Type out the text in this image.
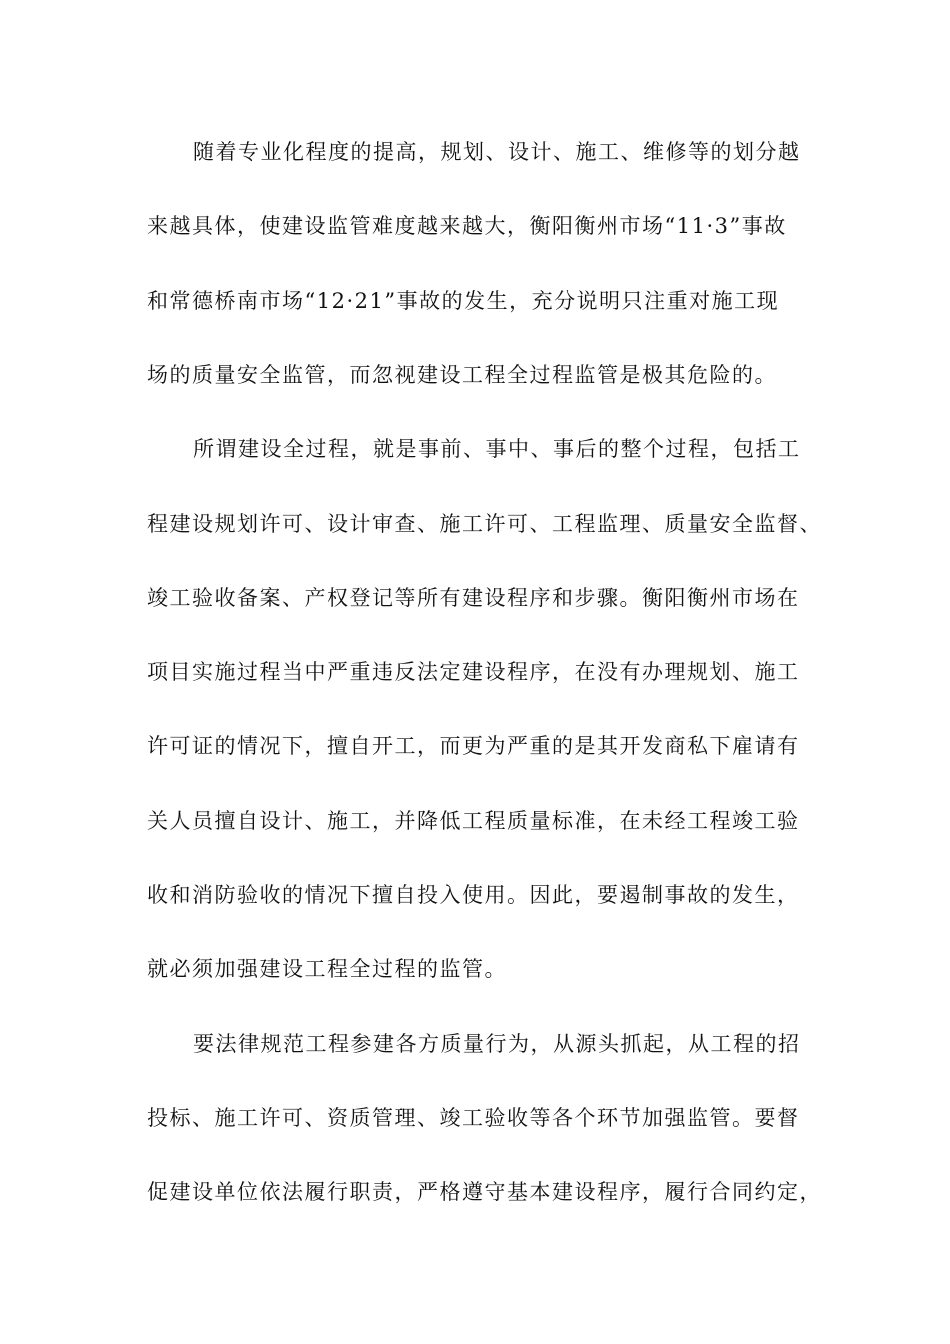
随着专业化程度的提高，规划、设计、施工、维修等的划分越
来越具体，使建设监管难度越来越大，衡阳衡州市场“11·3”事故
和常德桥南市场“12·21”事故的发生，充分说明只注重对施工现
场的质量安全监管，而忽视建设工程全过程监管是极其危险的。
所谓建设全过程，就是事前、事中、事后的整个过程，包括工
程建设规划许可、设计审查、施工许可、工程监理、质量安全监督、
竣工验收备案、产权登记等所有建设程序和步骤。衡阳衡州市场在
项目实施过程当中严重违反法定建设程序，在没有办理规划、施工
许可证的情况下，擅自开工，而更为严重的是其开发商私下雇请有
关人员擅自设计、施工，并降低工程质量标准，在未经工程竣工验
收和消防验收的情况下擅自投入使用。因此，要遏制事故的发生，
就必须加强建设工程全过程的监管。
要法律规范工程参建各方质量行为，从源头抓起，从工程的招
投标、施工许可、资质管理、竣工验收等各个环节加强监管。要督
促建设单位依法履行职责，严格遵守基本建设程序，履行合同约定，
